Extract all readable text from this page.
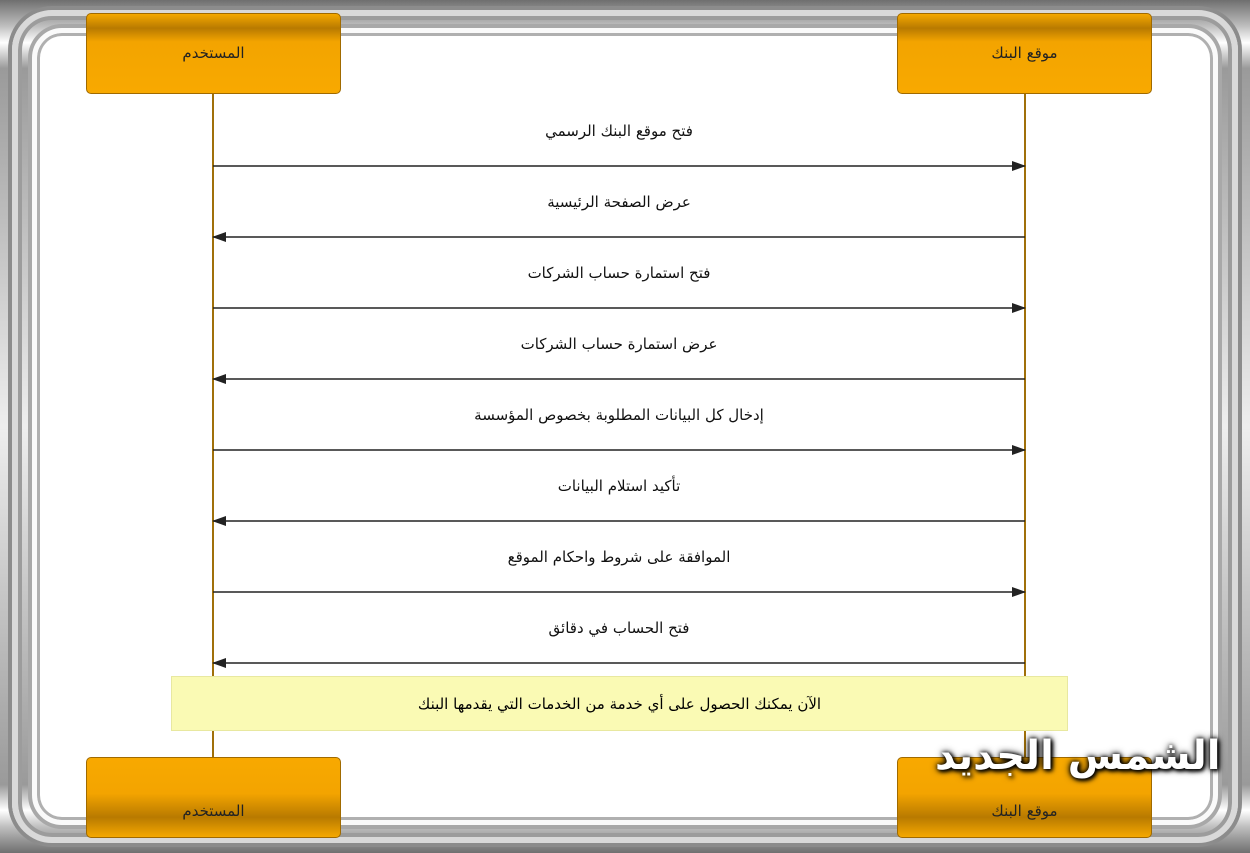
المستخدم	موقع البنك
المستخدم	موقع البنك
فتح موقع البنك الرسمي
عرض الصفحة الرئيسية
فتح استمارة حساب الشركات
عرض استمارة حساب الشركات
إدخال كل البيانات المطلوبة بخصوص المؤسسة
تأكيد استلام البيانات
الموافقة على شروط واحكام الموقع
فتح الحساب في دقائق
الآن يمكنك الحصول على أي خدمة من الخدمات التي يقدمها البنك
الشمس الجديد
